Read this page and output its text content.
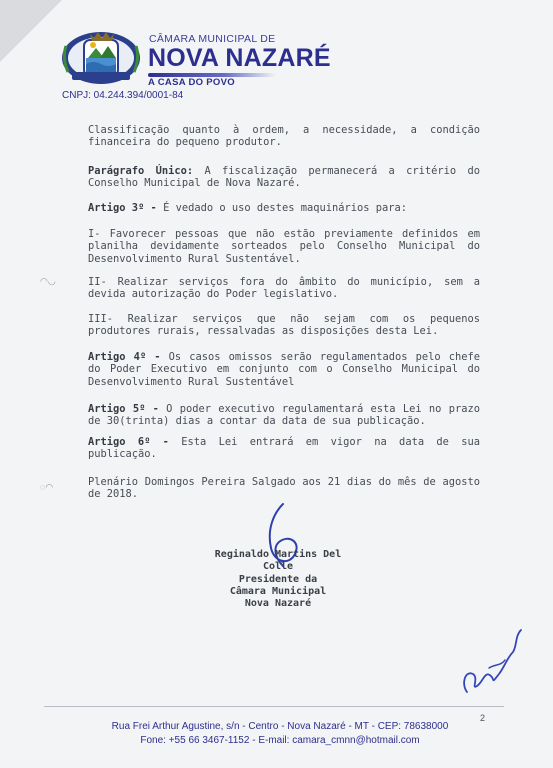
CÂMARA MUNICIPAL DE
NOVA NAZARÉ
A CASA DO POVO
CNPJ: 04.244.394/0001-84
Classificação quanto à ordem, a necessidade, a condição financeira do pequeno produtor.
Parágrafo Único: A fiscalização permanecerá a critério do Conselho Municipal de Nova Nazaré.
Artigo 3º - É vedado o uso destes maquinários para:
I- Favorecer pessoas que não estão previamente definidos em planilha devidamente sorteados pelo Conselho Municipal do Desenvolvimento Rural Sustentável.
II- Realizar serviços fora do âmbito do município, sem a devida autorização do Poder legislativo.
III- Realizar serviços que não sejam com os pequenos produtores rurais, ressalvadas as disposições desta Lei.
Artigo 4º - Os casos omissos serão regulamentados pelo chefe do Poder Executivo em conjunto com o Conselho Municipal do Desenvolvimento Rural Sustentável
Artigo 5º - O poder executivo regulamentará esta Lei no prazo de 30(trinta) dias a contar da data de sua publicação.
Artigo 6º - Esta Lei entrará em vigor na data de sua publicação.
Plenário Domingos Pereira Salgado aos 21 dias do mês de agosto de 2018.
◠◡
◌◠
Reginaldo Martins Del Colle
Presidente da
Câmara Municipal
Nova Nazaré
2
Rua Frei Arthur Agustine, s/n - Centro - Nova Nazaré - MT - CEP: 78638000
Fone: +55 66 3467-1152 - E-mail: camara_cmnn@hotmail.com
